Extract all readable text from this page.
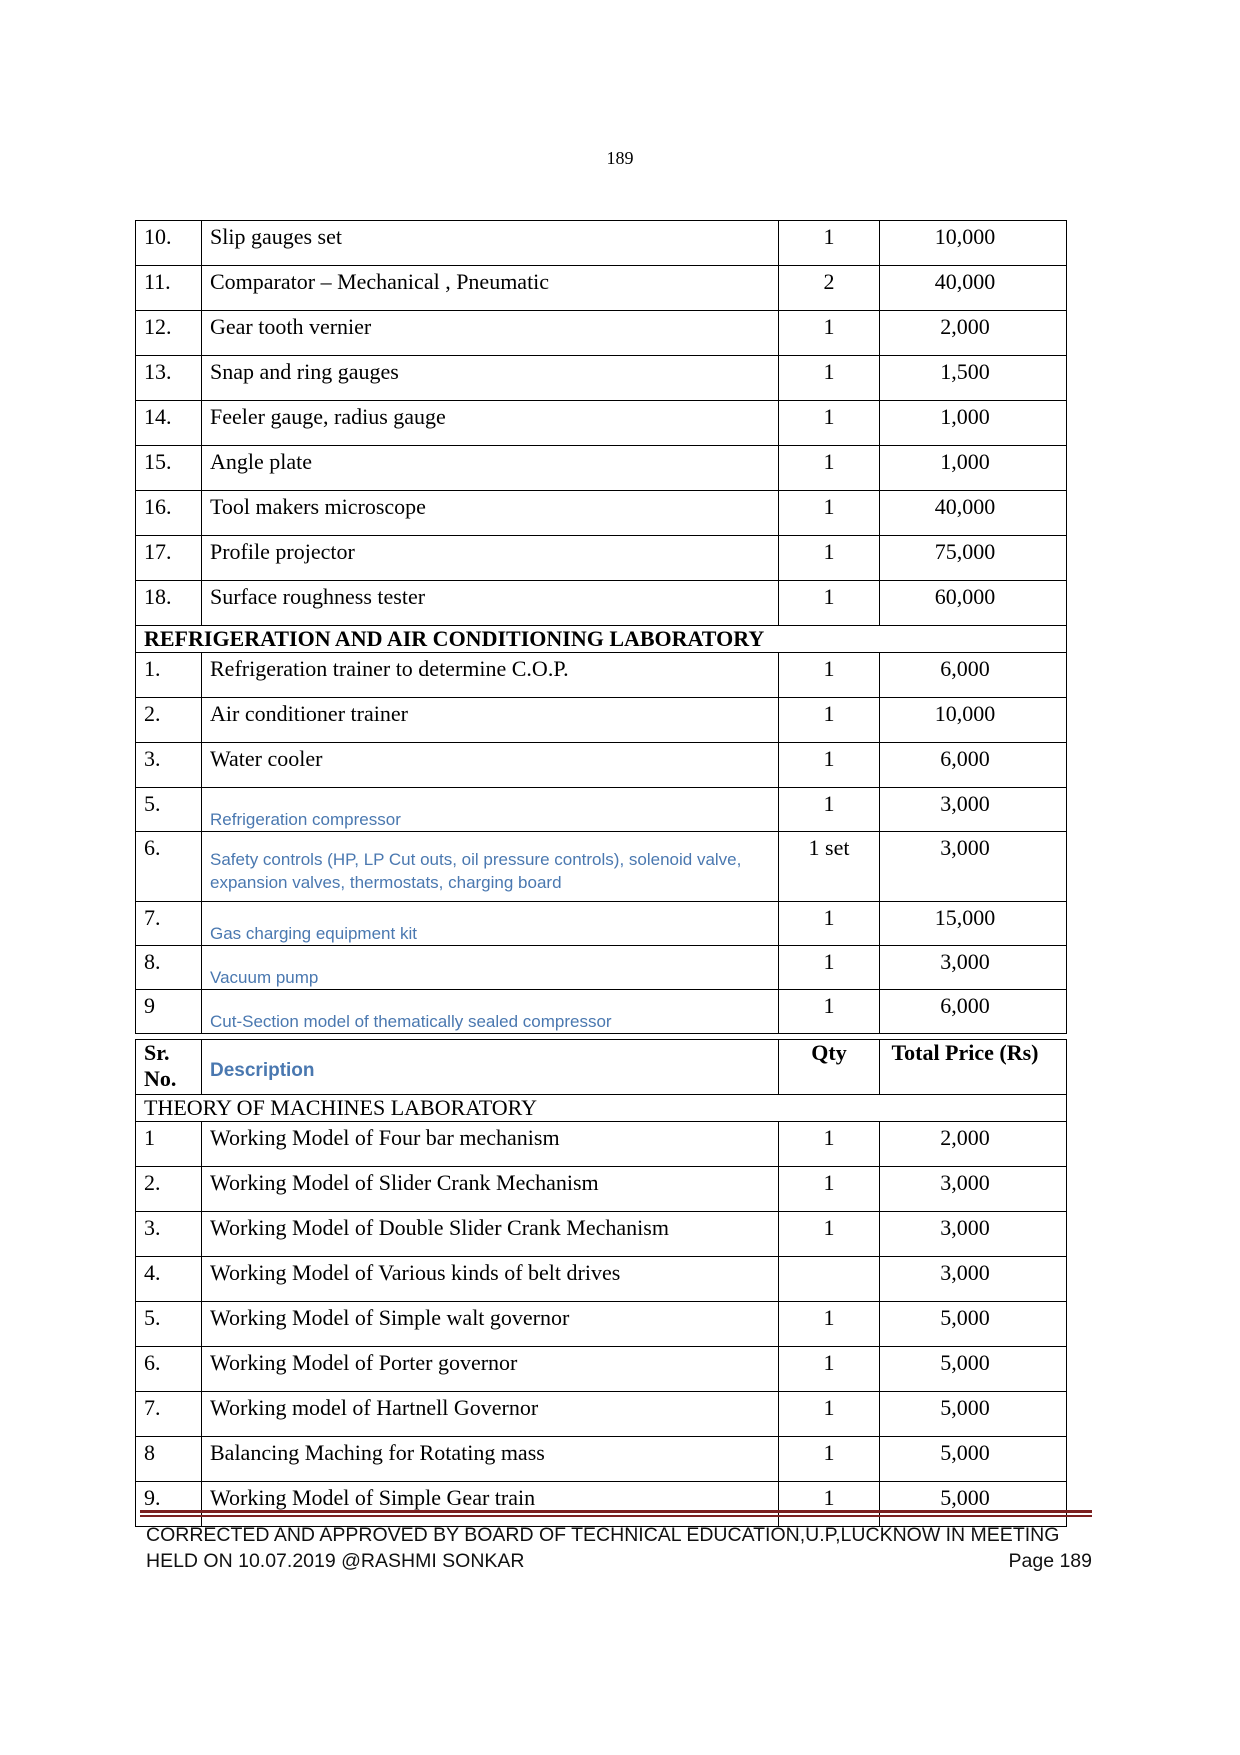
189
10.	Slip gauges set	1	10,000
11.	Comparator – Mechanical , Pneumatic	2	40,000
12.	Gear tooth vernier	1	2,000
13.	Snap and ring gauges	1	1,500
14.	Feeler gauge, radius gauge	1	1,000
15.	Angle plate	1	1,000
16.	Tool makers microscope	1	40,000
17.	Profile projector	1	75,000
18.	Surface roughness tester	1	60,000
REFRIGERATION AND AIR CONDITIONING LABORATORY			
1.	Refrigeration trainer to determine C.O.P.	1	6,000
2.	Air conditioner trainer	1	10,000
3.	Water cooler	1	6,000
5.	Refrigeration compressor	1	3,000
6.	Safety controls (HP, LP Cut outs, oil pressure controls), solenoid valve, expansion valves, thermostats, charging board	1 set	3,000
7.	Gas charging equipment kit	1	15,000
8.	Vacuum pump	1	3,000
9	Cut-Section model of thematically sealed compressor	1	6,000
Sr. No.	Description	Qty	Total Price (Rs)
THEORY OF MACHINES LABORATORY			
1	Working Model of Four bar mechanism	1	2,000
2.	Working Model of Slider Crank Mechanism	1	3,000
3.	Working Model of Double Slider Crank Mechanism	1	3,000
4.	Working Model of Various kinds of belt drives		3,000
5.	Working Model of Simple walt governor	1	5,000
6.	Working Model of Porter governor	1	5,000
7.	Working model of Hartnell Governor	1	5,000
8	Balancing Maching for Rotating mass	1	5,000
9.	Working Model of Simple Gear train	1	5,000
CORRECTED AND APPROVED BY BOARD OF TECHNICAL EDUCATION,U.P,LUCKNOW IN MEETING
HELD ON 10.07.2019 @RASHMI SONKAR	Page 189
